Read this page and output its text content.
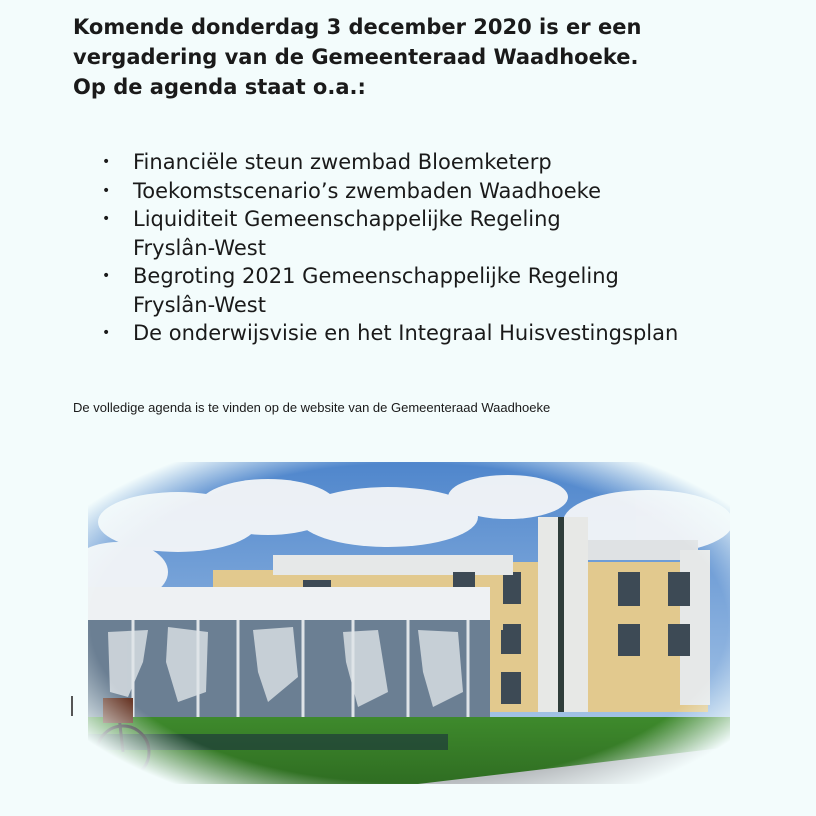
Komende donderdag 3 december 2020 is er een
vergadering van de Gemeenteraad Waadhoeke.
Op de agenda staat o.a.:
• Financiële steun zwembad Bloemketerp
• Toekomstscenario’s zwembaden Waadhoeke
• Liquiditeit Gemeenschappelijke Regeling
Fryslân-West
• Begroting 2021 Gemeenschappelijke Regeling
Fryslân-West
• De onderwijsvisie en het Integraal Huisvestingsplan
De volledige agenda is te vinden op de website van de Gemeenteraad Waadhoeke
